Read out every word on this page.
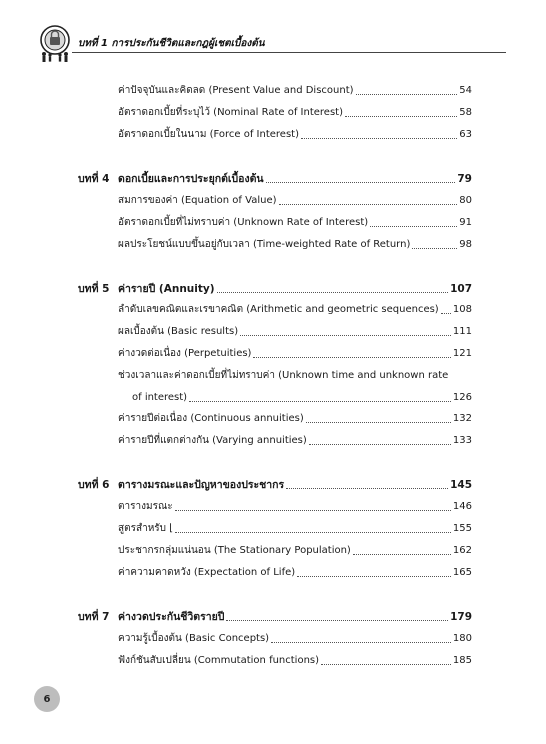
บทที่ 1 การประกันชีวิตและกฎผู้เชตเบื้องต้น
ค่าปัจจุบันและคิดลด (Present Value and Discount)	54
อัตราดอกเบี้ยที่ระบุไว้ (Nominal Rate of Interest)	58
อัตราดอกเบี้ยในนาม (Force of Interest)	63
บทที่ 4 ดอกเบี้ยและการประยุกต์เบื้องต้น	79
สมการของค่า (Equation of Value)	80
อัตราดอกเบี้ยที่ไม่ทราบค่า (Unknown Rate of Interest)	91
ผลประโยชน์แบบขึ้นอยู่กับเวลา (Time-weighted Rate of Return)	98
บทที่ 5 ค่ารายปี (Annuity)	107
ลำดับเลขคณิตและเรขาคณิต (Arithmetic and geometric sequences) 108
ผลเบื้องต้น (Basic results)	111
ค่างวดต่อเนื่อง (Perpetuities)	121
ช่วงเวลาและค่าดอกเบี้ยที่ไม่ทราบค่า (Unknown time and unknown rate
of interest)	126
ค่ารายปีต่อเนื่อง (Continuous annuities)	132
ค่ารายปีที่แตกต่างกัน (Varying annuities)	133
บทที่ 6 ตารางมรณะและปัญหาของประชากร	145
ตารางมรณะ	146
สูตรสำหรับ ⌊	155
ประชากรกลุ่มแน่นอน (The Stationary Population)	162
ค่าความคาดหวัง (Expectation of Life)	165
บทที่ 7 ค่างวดประกันชีวิตรายปี	179
ความรู้เบื้องต้น (Basic Concepts)	180
ฟังก์ชันสับเปลี่ยน (Commutation functions)	185
6
